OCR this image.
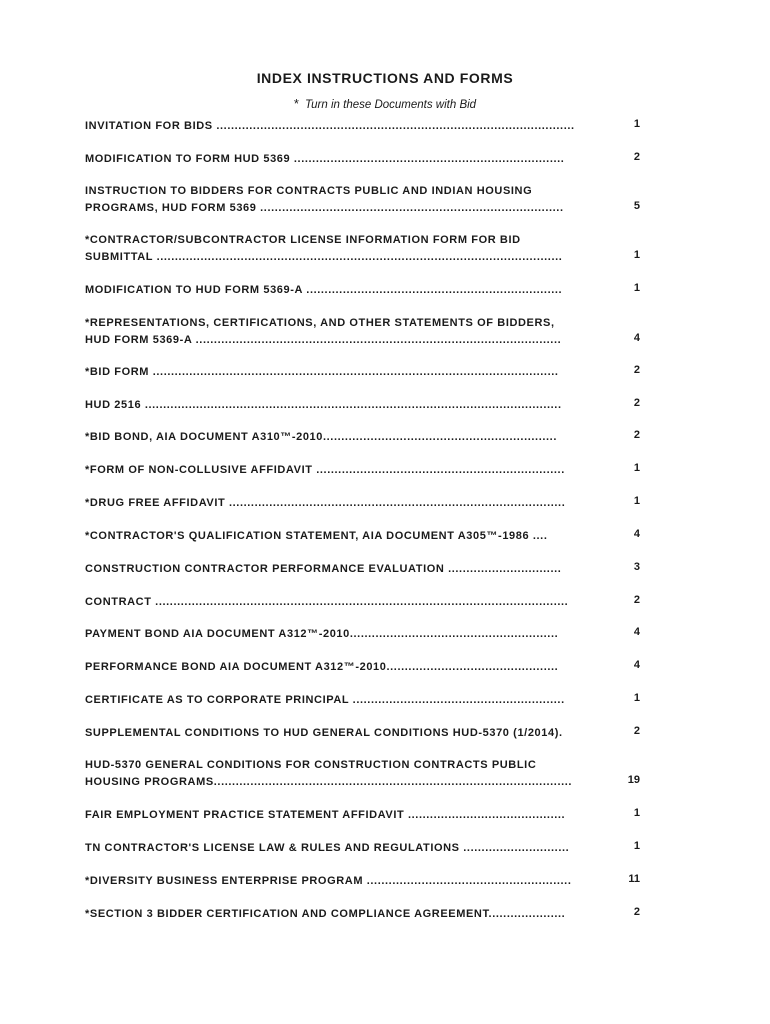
INDEX INSTRUCTIONS AND FORMS
* Turn in these Documents with Bid
INVITATION FOR BIDS ..................................................................................................	1
MODIFICATION TO FORM HUD 5369 ..........................................................................	2
INSTRUCTION TO BIDDERS FOR CONTRACTS PUBLIC AND INDIAN HOUSING
PROGRAMS, HUD FORM 5369 ...................................................................................	5
*CONTRACTOR/SUBCONTRACTOR LICENSE INFORMATION FORM FOR BID
SUBMITTAL ...............................................................................................................	1
MODIFICATION TO HUD FORM 5369-A ......................................................................	1
*REPRESENTATIONS, CERTIFICATIONS, AND OTHER STATEMENTS OF BIDDERS,
HUD FORM 5369-A ....................................................................................................	4
*BID FORM ...............................................................................................................	2
HUD 2516 ..................................................................................................................	2
*BID BOND, AIA DOCUMENT A310™-2010................................................................	2
*FORM OF NON-COLLUSIVE AFFIDAVIT ....................................................................	1
*DRUG FREE AFFIDAVIT ............................................................................................	1
*CONTRACTOR'S QUALIFICATION STATEMENT, AIA DOCUMENT A305™-1986 ....	4
CONSTRUCTION CONTRACTOR PERFORMANCE EVALUATION ...............................	3
CONTRACT .................................................................................................................	2
PAYMENT BOND AIA DOCUMENT A312™-2010.........................................................	4
PERFORMANCE BOND AIA DOCUMENT A312™-2010...............................................	4
CERTIFICATE AS TO CORPORATE PRINCIPAL ..........................................................	1
SUPPLEMENTAL CONDITIONS TO HUD GENERAL CONDITIONS HUD-5370 (1/2014).	2
HUD-5370 GENERAL CONDITIONS FOR CONSTRUCTION CONTRACTS PUBLIC
HOUSING PROGRAMS..................................................................................................	19
FAIR EMPLOYMENT PRACTICE STATEMENT AFFIDAVIT ...........................................	1
TN CONTRACTOR'S LICENSE LAW & RULES AND REGULATIONS .............................	1
*DIVERSITY BUSINESS ENTERPRISE PROGRAM ........................................................	11
*SECTION 3 BIDDER CERTIFICATION AND COMPLIANCE AGREEMENT.....................	2
